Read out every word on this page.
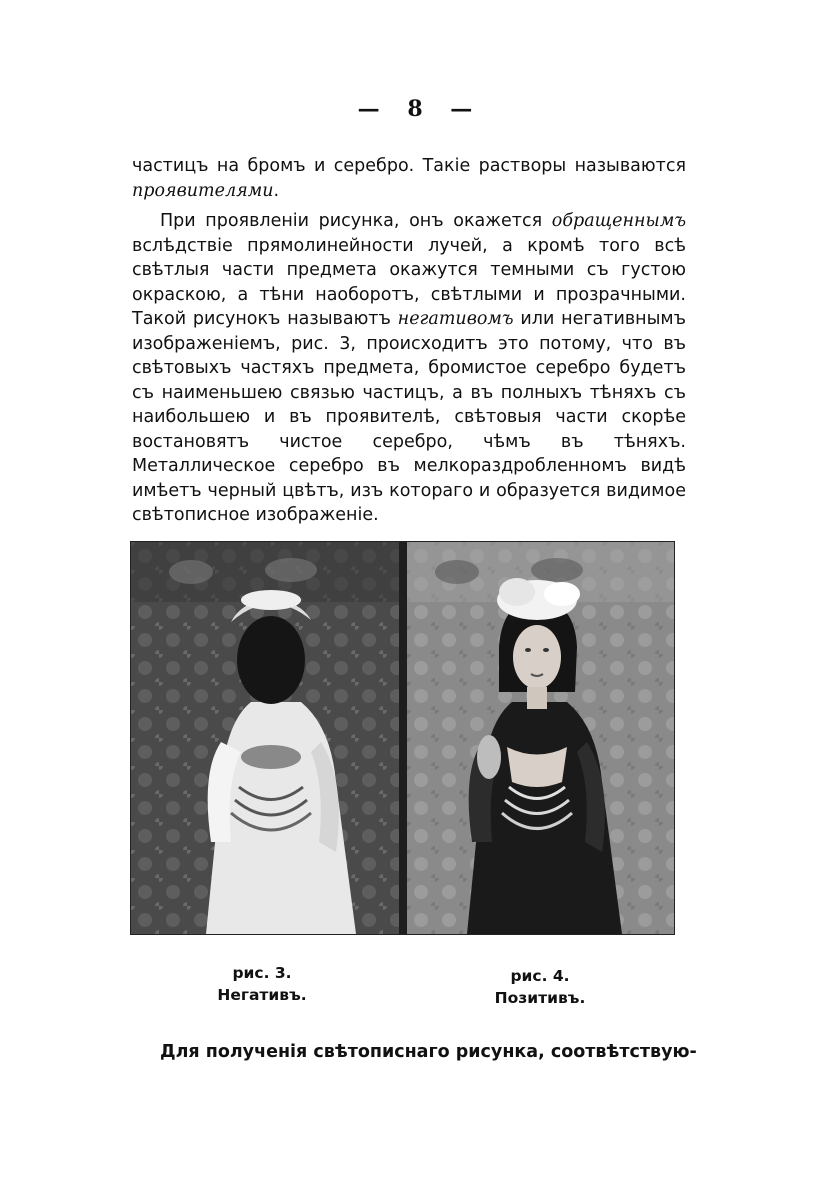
— 8 —

частицъ на бромъ и серебро. Такіе растворы называются проявителями.

При проявленіи рисунка, онъ окажется обращеннымъ вслѣдствіе прямолинейности лучей, а кромѣ того всѣ свѣтлыя части предмета окажутся темными съ густою окраскою, а тѣни наоборотъ, свѣтлыми и прозрачными. Такой рисунокъ называютъ негативомъ или негативнымъ изображеніемъ, рис. 3, происходитъ это потому, что въ свѣтовыхъ частяхъ предмета, бромистое серебро будетъ съ наименьшею связью частицъ, а въ полныхъ тѣняхъ съ наибольшею и въ проявителѣ, свѣтовыя части скорѣе востановятъ чистое серебро, чѣмъ въ тѣняхъ. Металлическое серебро въ мелкораздробленномъ видѣ имѣетъ черный цвѣтъ, изъ котораго и образуется видимое свѣтописное изображеніе.

рис. 3.
Негативъ.
рис. 4.
Позитивъ.
Для полученія свѣтописнаго рисунка, соотвѣтствую-
